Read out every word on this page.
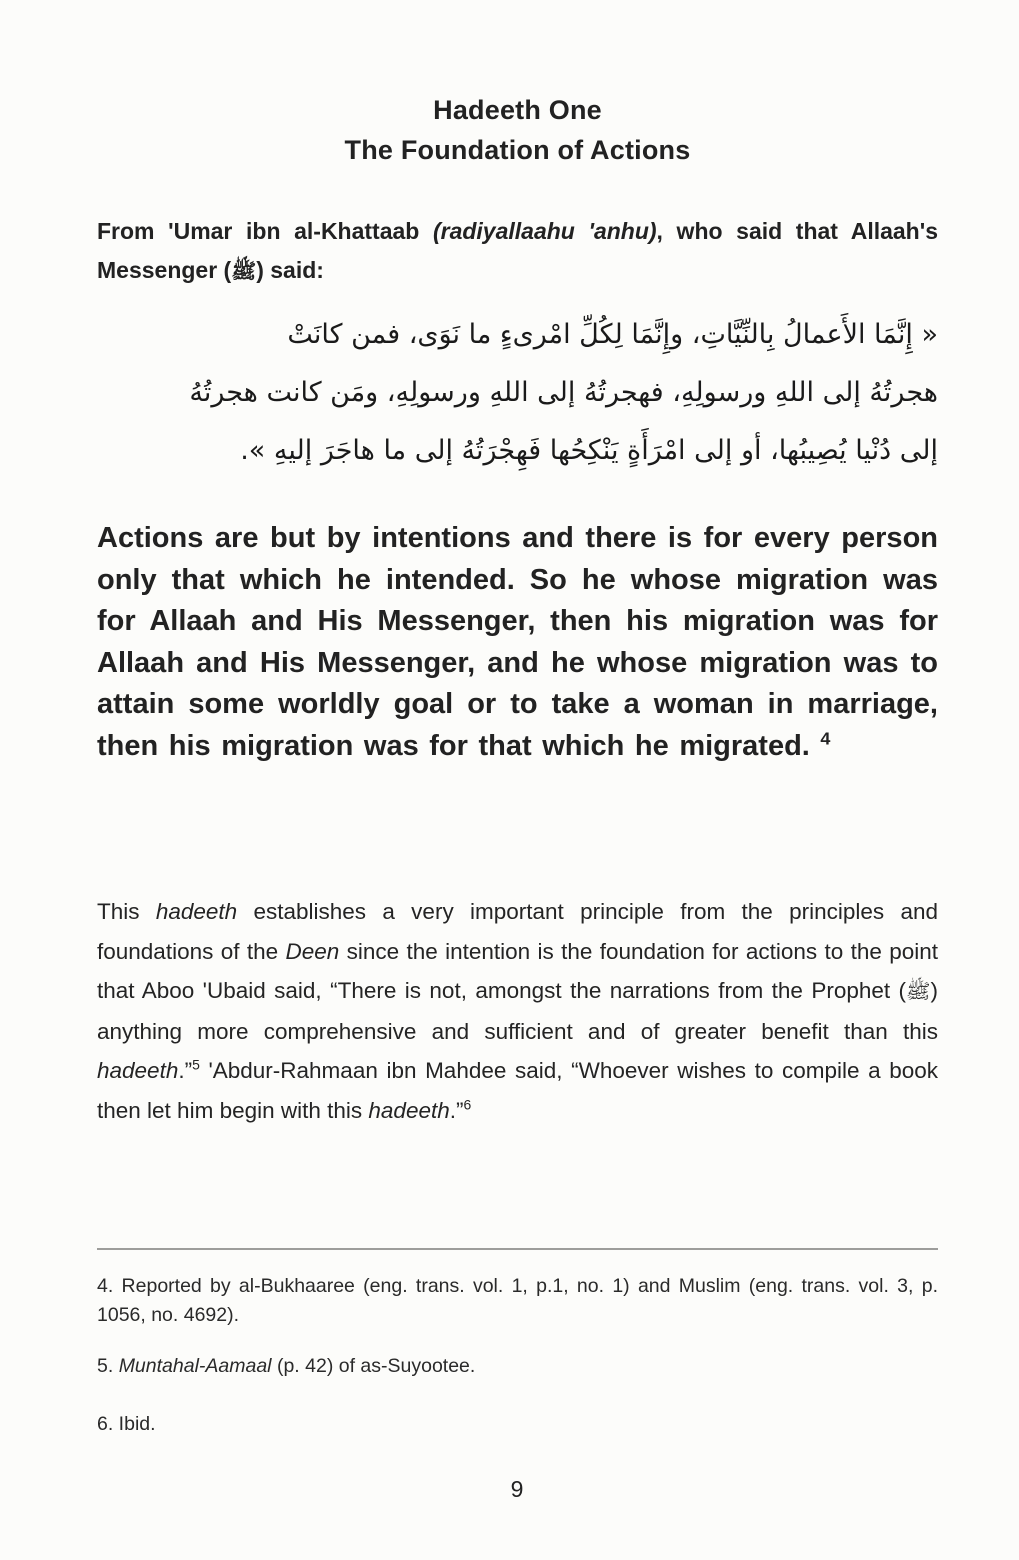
Hadeeth One
The Foundation of Actions

From 'Umar ibn al-Khattaab (radiyallaahu 'anhu), who said that Allaah's Messenger (ﷺ) said:

« إِنَّمَا الأَعمالُ بِالنِّيَّاتِ، وإِنَّمَا لِكُلِّ امْرىءٍ ما نَوَى، فمن كانَتْ
هجرتُهُ إلى اللهِ ورسولِهِ، فهجرتُهُ إلى اللهِ ورسولِهِ، ومَن كانت هجرتُهُ
إلى دُنْيا يُصِيبُها، أو إلى امْرَأَةٍ يَنْكِحُها فَهِجْرَتُهُ إلى ما هاجَرَ إليهِ ».

Actions are but by intentions and there is for every person only that which he intended. So he whose migration was for Allaah and His Messenger, then his migration was for Allaah and His Messenger, and he whose migration was to attain some worldly goal or to take a woman in marriage, then his migration was for that which he migrated. $^4$

This hadeeth establishes a very important principle from the principles and foundations of the Deen since the intention is the foundation for actions to the point that Aboo 'Ubaid said, “There is not, amongst the narrations from the Prophet (ﷺ) anything more comprehensive and sufficient and of greater benefit than this hadeeth.”$^5$ 'Abdur-Rahmaan ibn Mahdee said, “Whoever wishes to compile a book then let him begin with this hadeeth.”$^6$

4. Reported by al-Bukhaaree (eng. trans. vol. 1, p.1, no. 1) and Muslim (eng. trans. vol. 3, p. 1056, no. 4692).

5. Muntahal-Aamaal (p. 42) of as-Suyootee.

6. Ibid.

9
